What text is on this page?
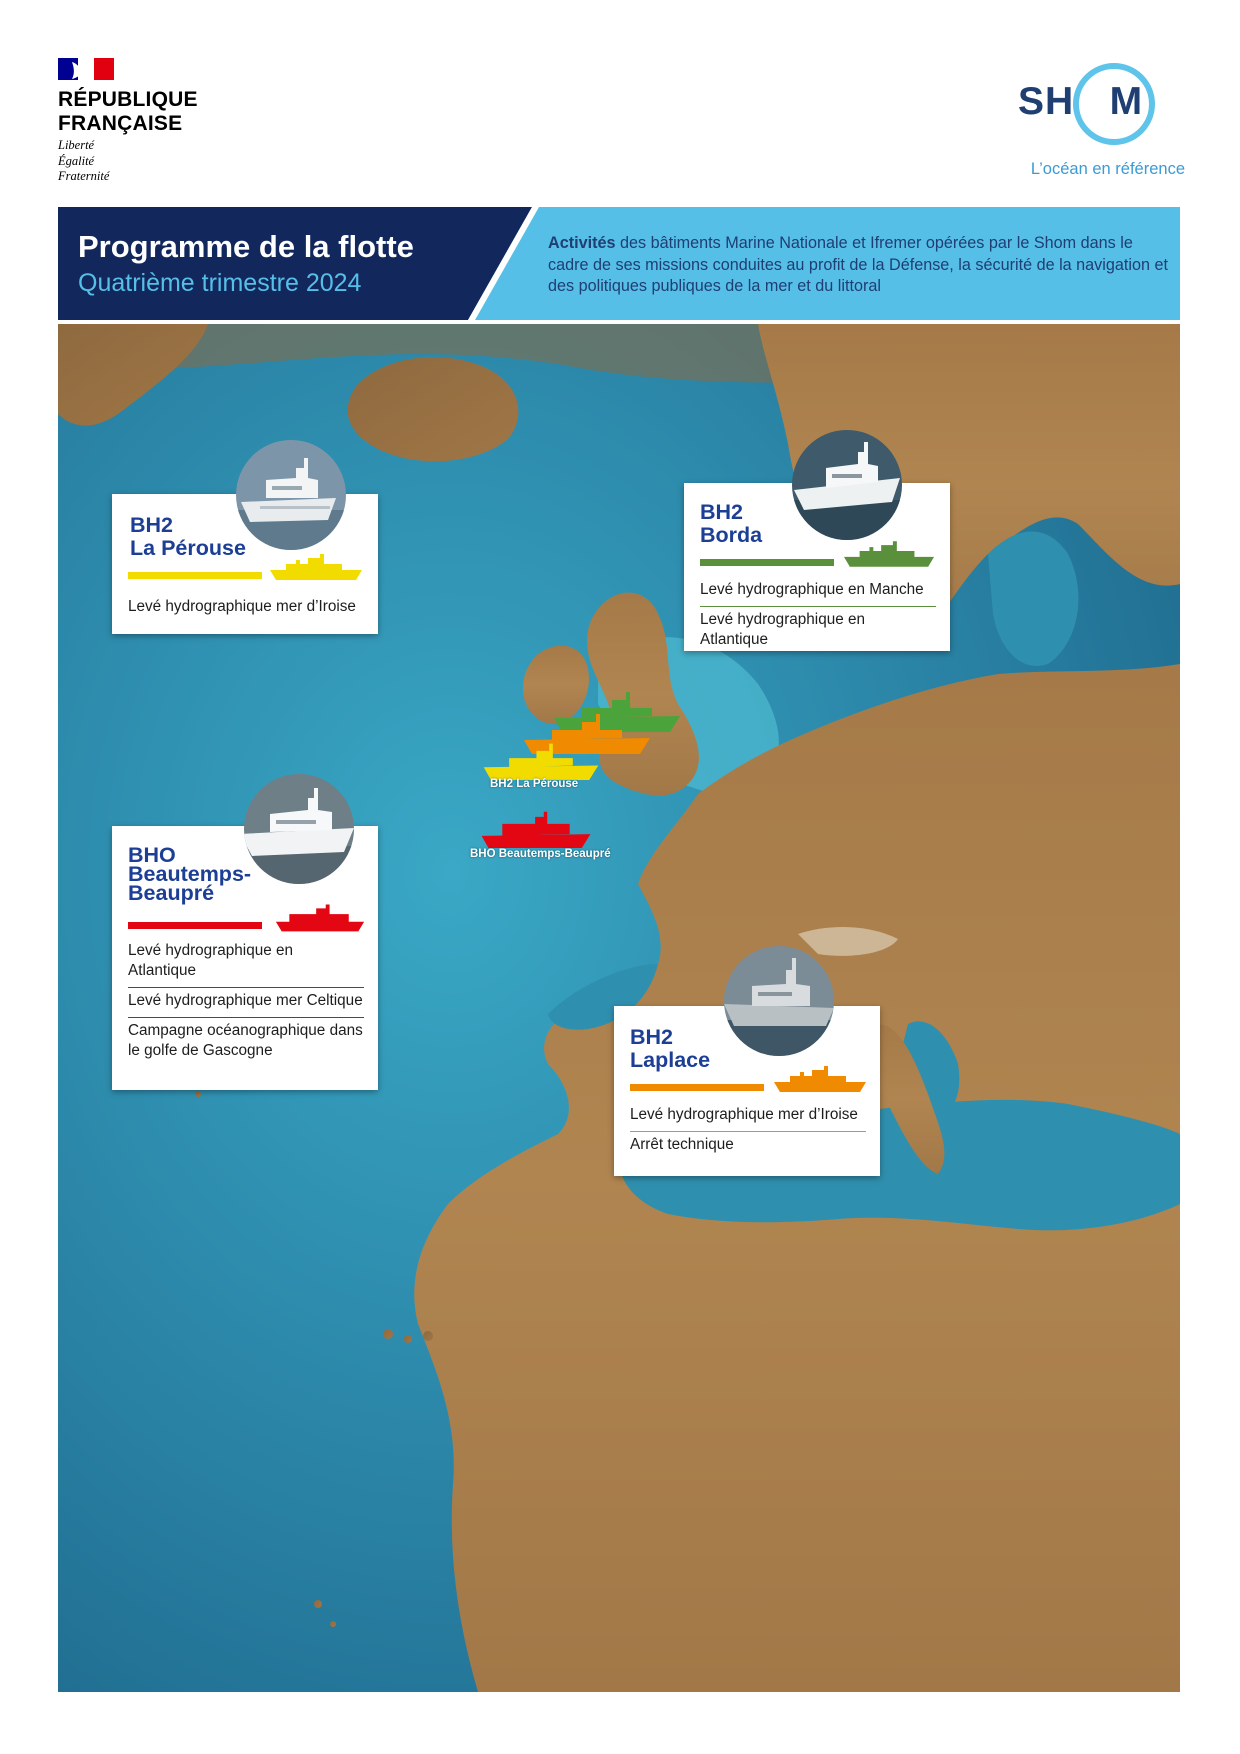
RÉPUBLIQUE
FRANÇAISE
Liberté
Égalité
Fraternité
SH   M
L’océan en référence
Programme de la flotte
Quatrième trimestre 2024
Activités des bâtiments Marine Nationale et Ifremer opérées par le Shom dans le cadre de ses missions conduites au profit de la Défense, la sécurité de la navigation et des politiques publiques de la mer et du littoral
BH2
La Pérouse
Levé hydrographique mer d’Iroise
BH2
Borda
Levé hydrographique en Manche
Levé hydrographique en Atlantique
BHO
Beautemps-
Beaupré
Levé hydrographique en Atlantique
Levé hydrographique mer Celtique
Campagne océanographique dans le golfe de Gascogne
BH2
Laplace
Levé hydrographique mer d’Iroise
Arrêt technique
BH2 La Pérouse
BHO Beautemps-Beaupré
